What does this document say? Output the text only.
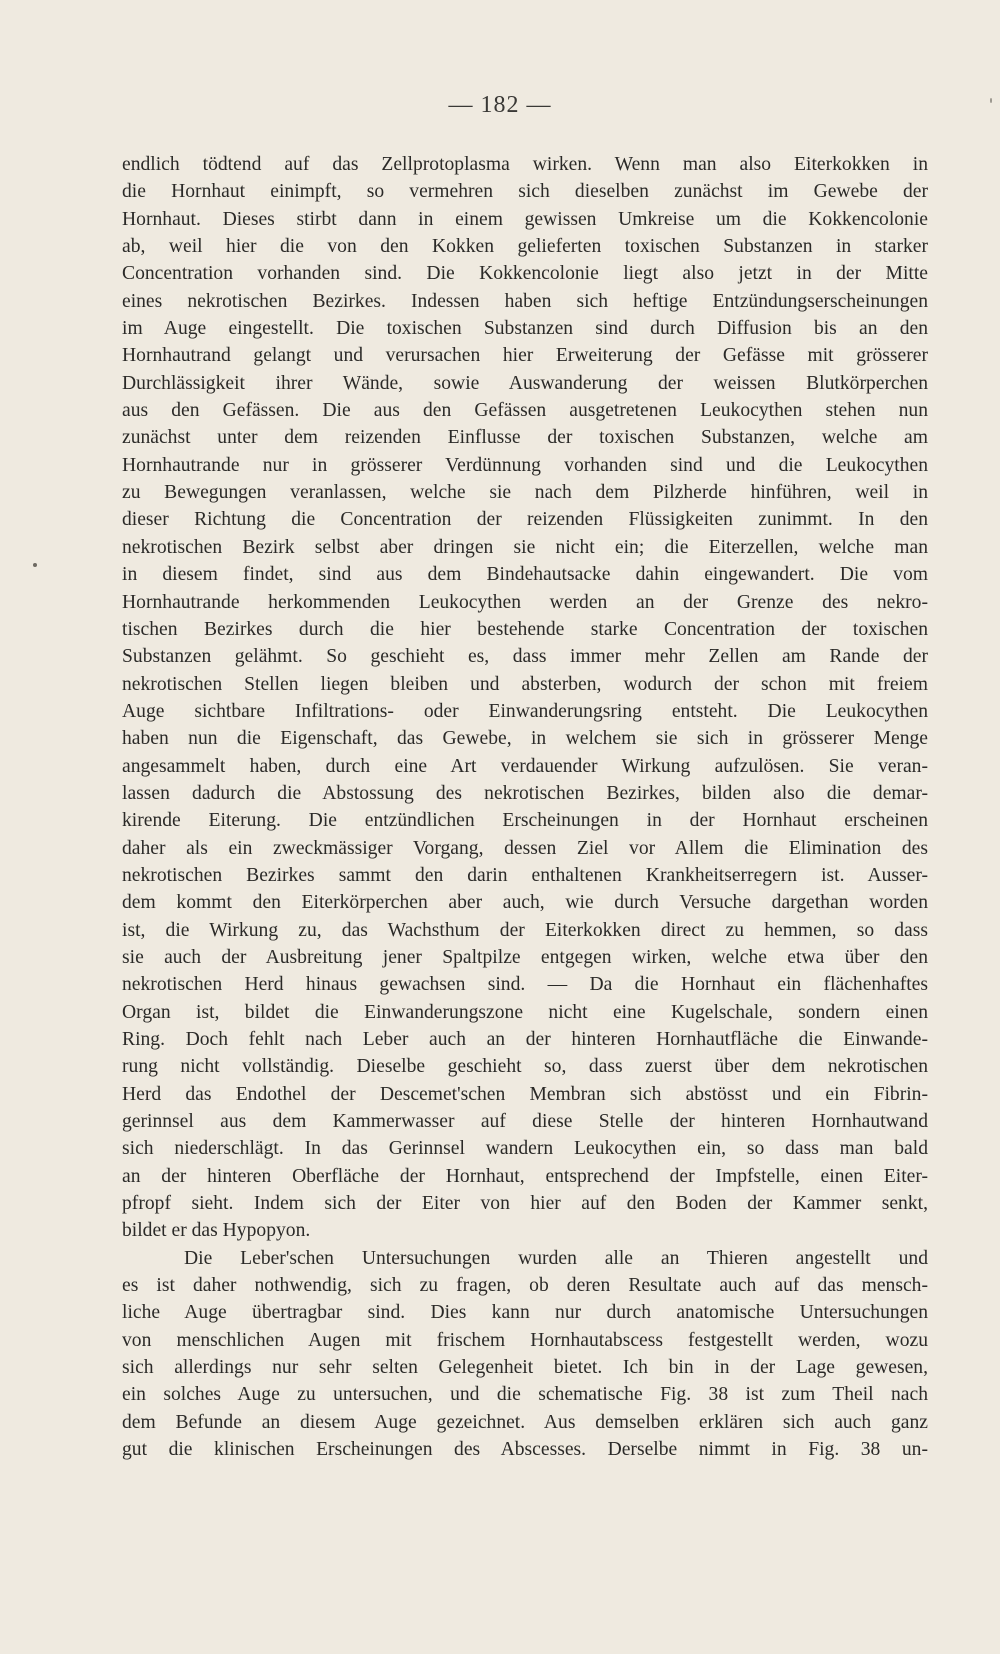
— 182 —
endlich tödtend auf das Zellprotoplasma wirken. Wenn man also Eiterkokken in
die Hornhaut einimpft, so vermehren sich dieselben zunächst im Gewebe der
Hornhaut. Dieses stirbt dann in einem gewissen Umkreise um die Kokkencolonie
ab, weil hier die von den Kokken gelieferten toxischen Substanzen in starker
Concentration vorhanden sind. Die Kokkencolonie liegt also jetzt in der Mitte
eines nekrotischen Bezirkes. Indessen haben sich heftige Entzündungserscheinungen
im Auge eingestellt. Die toxischen Substanzen sind durch Diffusion bis an den
Hornhautrand gelangt und verursachen hier Erweiterung der Gefässe mit grösserer
Durchlässigkeit ihrer Wände, sowie Auswanderung der weissen Blutkörperchen
aus den Gefässen. Die aus den Gefässen ausgetretenen Leukocythen stehen nun
zunächst unter dem reizenden Einflusse der toxischen Substanzen, welche am
Hornhautrande nur in grösserer Verdünnung vorhanden sind und die Leukocythen
zu Bewegungen veranlassen, welche sie nach dem Pilzherde hinführen, weil in
dieser Richtung die Concentration der reizenden Flüssigkeiten zunimmt. In den
nekrotischen Bezirk selbst aber dringen sie nicht ein; die Eiterzellen, welche man
in diesem findet, sind aus dem Bindehautsacke dahin eingewandert. Die vom
Hornhautrande herkommenden Leukocythen werden an der Grenze des nekro-
tischen Bezirkes durch die hier bestehende starke Concentration der toxischen
Substanzen gelähmt. So geschieht es, dass immer mehr Zellen am Rande der
nekrotischen Stellen liegen bleiben und absterben, wodurch der schon mit freiem
Auge sichtbare Infiltrations- oder Einwanderungsring entsteht. Die Leukocythen
haben nun die Eigenschaft, das Gewebe, in welchem sie sich in grösserer Menge
angesammelt haben, durch eine Art verdauender Wirkung aufzulösen. Sie veran-
lassen dadurch die Abstossung des nekrotischen Bezirkes, bilden also die demar-
kirende Eiterung. Die entzündlichen Erscheinungen in der Hornhaut erscheinen
daher als ein zweckmässiger Vorgang, dessen Ziel vor Allem die Elimination des
nekrotischen Bezirkes sammt den darin enthaltenen Krankheitserregern ist. Ausser-
dem kommt den Eiterkörperchen aber auch, wie durch Versuche dargethan worden
ist, die Wirkung zu, das Wachsthum der Eiterkokken direct zu hemmen, so dass
sie auch der Ausbreitung jener Spaltpilze entgegen wirken, welche etwa über den
nekrotischen Herd hinaus gewachsen sind. — Da die Hornhaut ein flächenhaftes
Organ ist, bildet die Einwanderungszone nicht eine Kugelschale, sondern einen
Ring. Doch fehlt nach Leber auch an der hinteren Hornhautfläche die Einwande-
rung nicht vollständig. Dieselbe geschieht so, dass zuerst über dem nekrotischen
Herd das Endothel der Descemet'schen Membran sich abstösst und ein Fibrin-
gerinnsel aus dem Kammerwasser auf diese Stelle der hinteren Hornhautwand
sich niederschlägt. In das Gerinnsel wandern Leukocythen ein, so dass man bald
an der hinteren Oberfläche der Hornhaut, entsprechend der Impfstelle, einen Eiter-
pfropf sieht. Indem sich der Eiter von hier auf den Boden der Kammer senkt,
bildet er das Hypopyon.
Die Leber'schen Untersuchungen wurden alle an Thieren angestellt und
es ist daher nothwendig, sich zu fragen, ob deren Resultate auch auf das mensch-
liche Auge übertragbar sind. Dies kann nur durch anatomische Untersuchungen
von menschlichen Augen mit frischem Hornhautabscess festgestellt werden, wozu
sich allerdings nur sehr selten Gelegenheit bietet. Ich bin in der Lage gewesen,
ein solches Auge zu untersuchen, und die schematische Fig. 38 ist zum Theil nach
dem Befunde an diesem Auge gezeichnet. Aus demselben erklären sich auch ganz
gut die klinischen Erscheinungen des Abscesses. Derselbe nimmt in Fig. 38 un-
